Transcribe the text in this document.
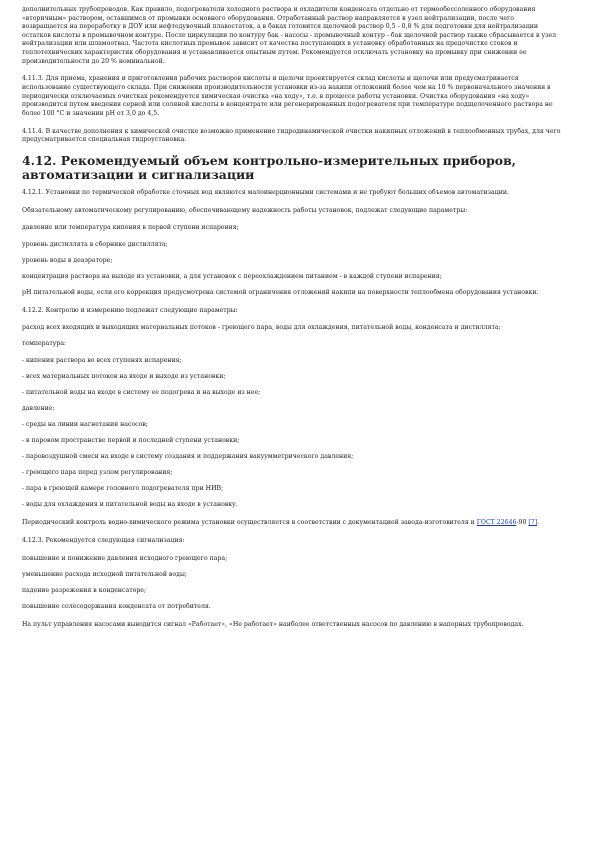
дополнительных трубопроводов. Как правило, подогреватели холодного раствора и охладители конденсата отдельно от термообессоленного оборудования «вторичным» раствором, оставшимся от промывки основного оборудования. Отработанный раствор направляется в узел нейтрализации, после чего возвращается на переработку в ДОУ или нефтедувочный плавостаток, а в баках готовится щелочной раствор 0,5 - 0,8 % для подготовки для нейтрализации остатков кислоты в промывочном контуре. После циркуляции по контуру бак - насосы - промывочный контур - бак щелочной раствор также сбрасывается в узел нейтрализации или шламоотвал. Частота кислотных промывок зависит от качества поступающих в установку обработанных на предочистке стоков и теплотехнических характеристик оборудования и устанавливается опытным путем. Рекомендуется отключать установку на промывку при снижении ее производительности до 20 % номинальной.

4.11.3. Для приема, хранения и приготовления рабочих растворов кислоты и щелочи проектируется склад кислоты и щелочи или предусматривается использование существующего склада. При снижении производительности установки из-за накипи отложений более чем на 10 % первоначального значения в периодически отключаемых очистках рекомендуется химическая очистка «на ходу», т.е. в процессе работы установки. Очистка оборудования «на ходу» производится путем введения серной или соляной кислоты в концентрате или регенерированных подогревателя при температуре подщелоченного раствора не более 100 °С и значении pH от 3,0 до 4,5.

4.11.4. В качестве дополнения к химической очистке возможно применение гидродинамической очистки накипных отложений в теплообменных трубах, для чего предусматривается специальная гидроустановка.

4.12. Рекомендуемый объем контрольно-измерительных приборов, автоматизации и сигнализации

4.12.1. Установки по термической обработке сточных вод являются малоинерционными системами и не требуют больших объемов автоматизации.

Обязательному автоматическому регулированию, обеспечивающему надежность работы установок, подлежат следующие параметры:

давление или температура кипения в первой ступени испарения;

уровень дистиллята в сборнике дистиллята;

уровень воды в деаэраторе;

концентрация раствора на выходе из установки, а для установок с переохлаждением питанием - в каждой ступени испарения;

pH питательной воды, если его коррекция предусмотрена системой ограничения отложений накипи на поверхности теплообмена оборудования установки.

4.12.2. Контролю и измерению подлежат следующие параметры:

расход всех входящих и выходящих материальных потоков - греющего пара, воды для охлаждения, питательной воды, конденсата и дистиллята;

температура:

- кипения раствора во всех ступенях испарения;

- всех материальных потоков на входе и выходе из установки;

- питательной воды на входе в систему ее подогрева и на выходе из нее;

давление:

- среды на линии нагнетания насосов;

- в паровом пространстве первой и последней ступени установки;

- паровоздушной смеси на входе в систему создания и поддержания вакуумметрического давления;

- греющего пара перед узлом регулирования;

- пара в греющей камере головного подогревателя при НИВ;

- воды для охлаждения и питательной воды на входе в установку.

Периодический контроль водно-химического режима установки осуществляется в соответствии с документацией завода-изготовителя и ГОСТ 22646-90 [7].

4.12.3. Рекомендуется следующая сигнализация:

повышение и понижение давления исходного греющего пара;

уменьшение расхода исходной питательной воды;

падение разрежения в конденсаторе;

повышение солесодержания конденсата от потребителя.

На пульт управления насосами выводится сигнал «Работает», «Не работает» наиболее ответственных насосов по давлению в напорных трубопроводах.
